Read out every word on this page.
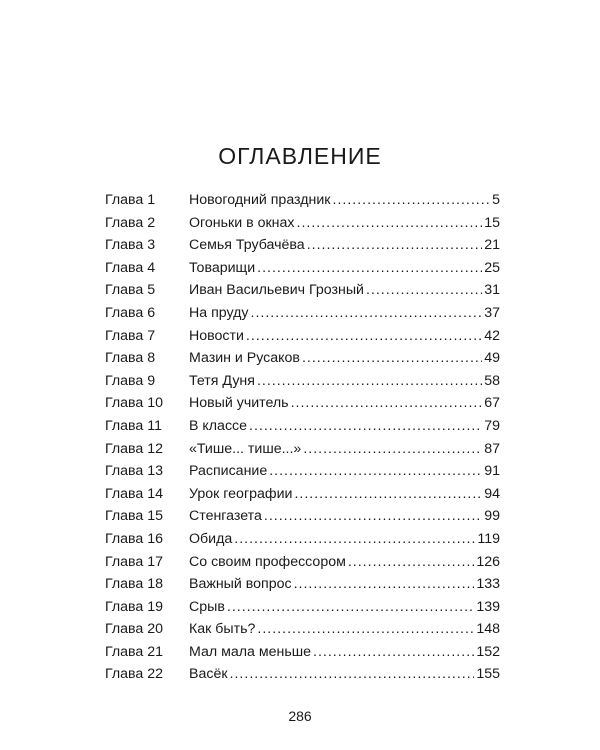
ОГЛАВЛЕНИЕ
Глава 1	Новогодний праздник .....	5
Глава 2	Огоньки в окнах .....	15
Глава 3	Семья Трубачёва .....	21
Глава 4	Товарищи .....	25
Глава 5	Иван Васильевич Грозный .....	31
Глава 6	На пруду .....	37
Глава 7	Новости .....	42
Глава 8	Мазин и Русаков .....	49
Глава 9	Тетя Дуня .....	58
Глава 10	Новый учитель .....	67
Глава 11	В классе .....	79
Глава 12	«Тише... тише...» .....	87
Глава 13	Расписание .....	91
Глава 14	Урок географии .....	94
Глава 15	Стенгазета .....	99
Глава 16	Обида .....	119
Глава 17	Со своим профессором .....	126
Глава 18	Важный вопрос .....	133
Глава 19	Срыв .....	139
Глава 20	Как быть? .....	148
Глава 21	Мал мала меньше .....	152
Глава 22	Васёк .....	155
286
